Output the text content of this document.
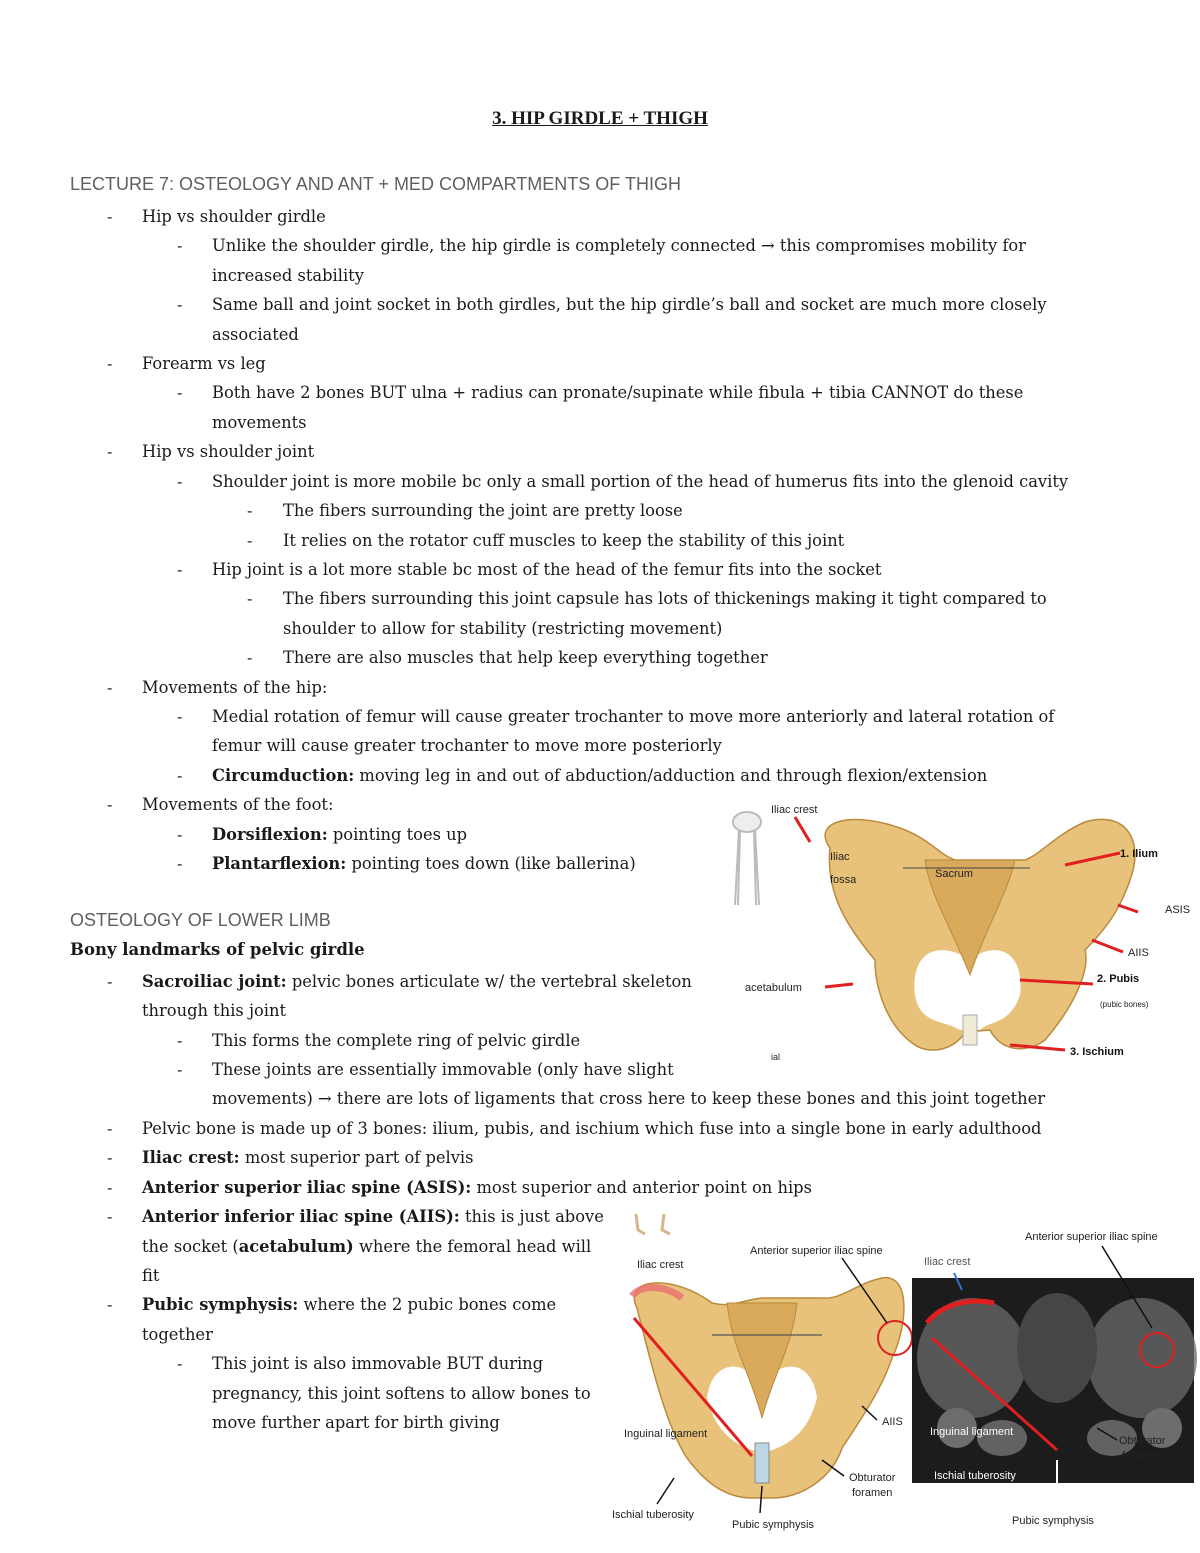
3. HIP GIRDLE + THIGH
LECTURE 7: OSTEOLOGY AND ANT + MED COMPARTMENTS OF THIGH
- Hip vs shoulder girdle
- Unlike the shoulder girdle, the hip girdle is completely connected → this compromises mobility for
increased stability
- Same ball and joint socket in both girdles, but the hip girdle’s ball and socket are much more closely
associated
- Forearm vs leg
- Both have 2 bones BUT ulna + radius can pronate/supinate while fibula + tibia CANNOT do these
movements
- Hip vs shoulder joint
- Shoulder joint is more mobile bc only a small portion of the head of humerus fits into the glenoid cavity
- The fibers surrounding the joint are pretty loose
- It relies on the rotator cuff muscles to keep the stability of this joint
- Hip joint is a lot more stable bc most of the head of the femur fits into the socket
- The fibers surrounding this joint capsule has lots of thickenings making it tight compared to
shoulder to allow for stability (restricting movement)
- There are also muscles that help keep everything together
- Movements of the hip:
- Medial rotation of femur will cause greater trochanter to move more anteriorly and lateral rotation of
femur will cause greater trochanter to move more posteriorly
- Circumduction: moving leg in and out of abduction/adduction and through flexion/extension
- Movements of the foot:
- Dorsiflexion: pointing toes up
- Plantarflexion: pointing toes down (like ballerina)
OSTEOLOGY OF LOWER LIMB
Bony landmarks of pelvic girdle
- Sacroiliac joint: pelvic bones articulate w/ the vertebral skeleton
through this joint
- This forms the complete ring of pelvic girdle
- These joints are essentially immovable (only have slight
movements) → there are lots of ligaments that cross here to keep these bones and this joint together
- Pelvic bone is made up of 3 bones: ilium, pubis, and ischium which fuse into a single bone in early adulthood
- Iliac crest: most superior part of pelvis
- Anterior superior iliac spine (ASIS): most superior and anterior point on hips
- Anterior inferior iliac spine (AIIS): this is just above
the socket (acetabulum) where the femoral head will
fit
- Pubic symphysis: where the 2 pubic bones come
together
- This joint is also immovable BUT during
pregnancy, this joint softens to allow bones to
move further apart for birth giving
Iliac crest
Iliac
fossa	Sacrum
1. Ilium
ASIS
AIIS
acetabulum
2. Pubis
(pubic bones)
3. Ischium
ial
Iliac crest
Anterior superior iliac spine
Inguinal ligament
AIIS
Obturator
foramen
Ischial tuberosity
Pubic symphysis
Iliac crest
Anterior superior iliac spine
Inguinal ligament
Obturator
foramen
Ischial tuberosity
Pubic symphysis
